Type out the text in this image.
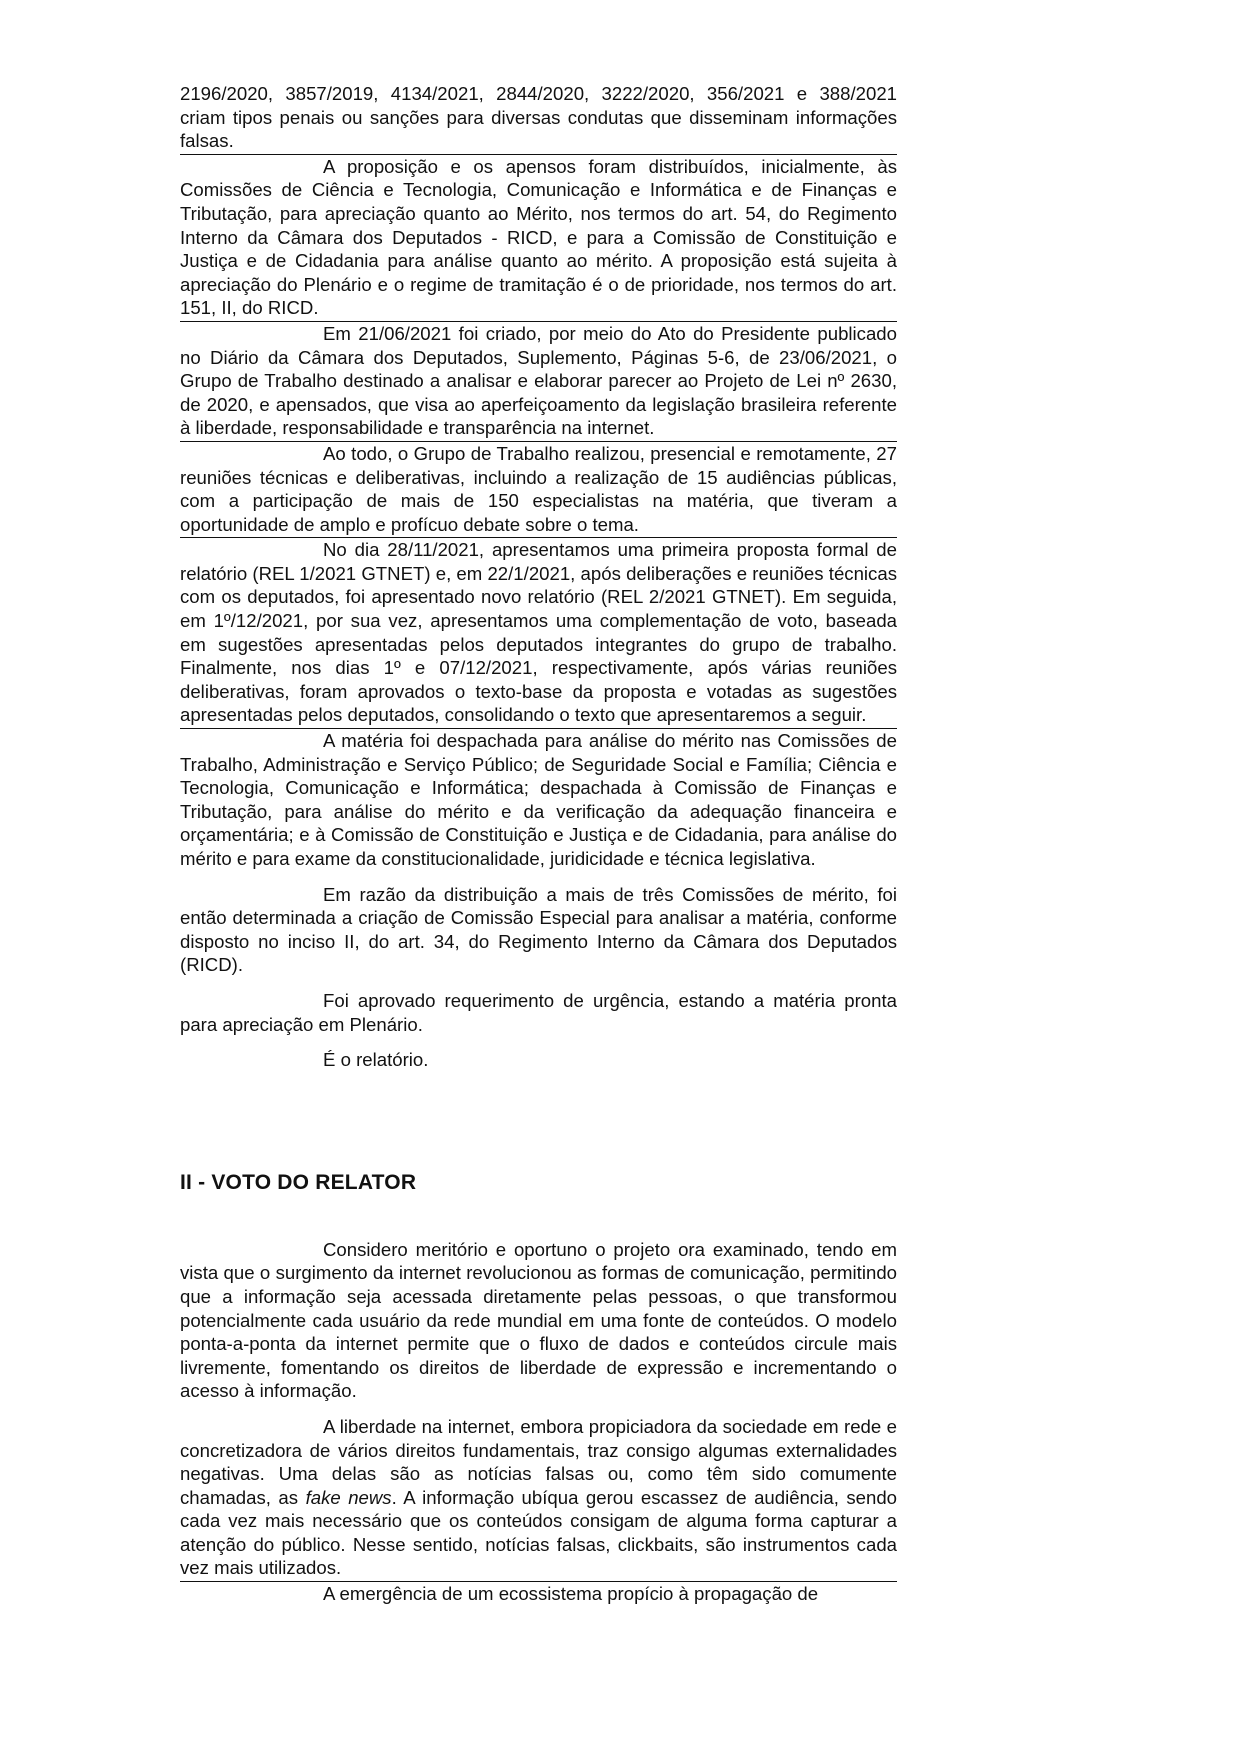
2196/2020, 3857/2019, 4134/2021, 2844/2020, 3222/2020, 356/2021 e 388/2021 criam tipos penais ou sanções para diversas condutas que disseminam informações falsas.

A proposição e os apensos foram distribuídos, inicialmente, às Comissões de Ciência e Tecnologia, Comunicação e Informática e de Finanças e Tributação, para apreciação quanto ao Mérito, nos termos do art. 54, do Regimento Interno da Câmara dos Deputados - RICD, e para a Comissão de Constituição e Justiça e de Cidadania para análise quanto ao mérito. A proposição está sujeita à apreciação do Plenário e o regime de tramitação é o de prioridade, nos termos do art. 151, II, do RICD.

Em 21/06/2021 foi criado, por meio do Ato do Presidente publicado no Diário da Câmara dos Deputados, Suplemento, Páginas 5-6, de 23/06/2021, o Grupo de Trabalho destinado a analisar e elaborar parecer ao Projeto de Lei nº 2630, de 2020, e apensados, que visa ao aperfeiçoamento da legislação brasileira referente à liberdade, responsabilidade e transparência na internet.

Ao todo, o Grupo de Trabalho realizou, presencial e remotamente, 27 reuniões técnicas e deliberativas, incluindo a realização de 15 audiências públicas, com a participação de mais de 150 especialistas na matéria, que tiveram a oportunidade de amplo e profícuo debate sobre o tema.

No dia 28/11/2021, apresentamos uma primeira proposta formal de relatório (REL 1/2021 GTNET) e, em 22/1/2021, após deliberações e reuniões técnicas com os deputados, foi apresentado novo relatório (REL 2/2021 GTNET). Em seguida, em 1º/12/2021, por sua vez, apresentamos uma complementação de voto, baseada em sugestões apresentadas pelos deputados integrantes do grupo de trabalho. Finalmente, nos dias 1º e 07/12/2021, respectivamente, após várias reuniões deliberativas, foram aprovados o texto-base da proposta e votadas as sugestões apresentadas pelos deputados, consolidando o texto que apresentaremos a seguir.

A matéria foi despachada para análise do mérito nas Comissões de Trabalho, Administração e Serviço Público; de Seguridade Social e Família; Ciência e Tecnologia, Comunicação e Informática; despachada à Comissão de Finanças e Tributação, para análise do mérito e da verificação da adequação financeira e orçamentária; e à Comissão de Constituição e Justiça e de Cidadania, para análise do mérito e para exame da constitucionalidade, juridicidade e técnica legislativa.

Em razão da distribuição a mais de três Comissões de mérito, foi então determinada a criação de Comissão Especial para analisar a matéria, conforme disposto no inciso II, do art. 34, do Regimento Interno da Câmara dos Deputados (RICD).

Foi aprovado requerimento de urgência, estando a matéria pronta para apreciação em Plenário.

É o relatório.

II - VOTO DO RELATOR

Considero meritório e oportuno o projeto ora examinado, tendo em vista que o surgimento da internet revolucionou as formas de comunicação, permitindo que a informação seja acessada diretamente pelas pessoas, o que transformou potencialmente cada usuário da rede mundial em uma fonte de conteúdos. O modelo ponta-a-ponta da internet permite que o fluxo de dados e conteúdos circule mais livremente, fomentando os direitos de liberdade de expressão e incrementando o acesso à informação.

A liberdade na internet, embora propiciadora da sociedade em rede e concretizadora de vários direitos fundamentais, traz consigo algumas externalidades negativas. Uma delas são as notícias falsas ou, como têm sido comumente chamadas, as fake news. A informação ubíqua gerou escassez de audiência, sendo cada vez mais necessário que os conteúdos consigam de alguma forma capturar a atenção do público. Nesse sentido, notícias falsas, clickbaits, são instrumentos cada vez mais utilizados.

A emergência de um ecossistema propício à propagação de
